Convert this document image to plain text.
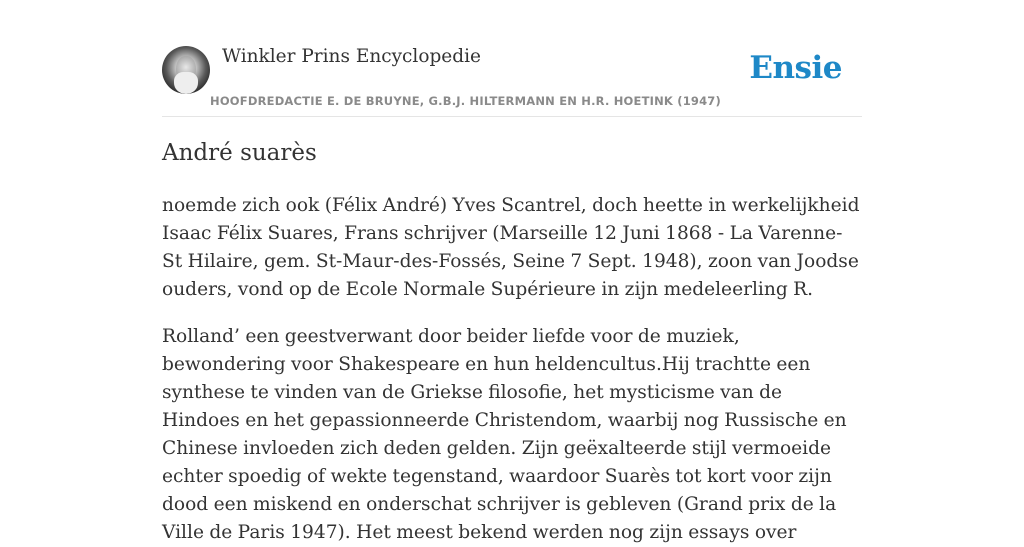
Winkler Prins Encyclopedie
HOOFDREDACTIE E. DE BRUYNE, G.B.J. HILTERMANN EN H.R. HOETINK (1947)
Ensie
André suarès

noemde zich ook (Félix André) Yves Scantrel, doch heette in werkelijkheid Isaac Félix Suares, Frans schrijver (Marseille 12 Juni 1868 - La Varenne-St Hilaire, gem. St-Maur-des-Fossés, Seine 7 Sept. 1948), zoon van Joodse ouders, vond op de Ecole Normale Supérieure in zijn medeleerling R.

Rolland’ een geestverwant door beider liefde voor de muziek, bewondering voor Shakespeare en hun heldencultus.Hij trachtte een synthese te vinden van de Griekse filosofie, het mysticisme van de Hindoes en het gepassionneerde Christendom, waarbij nog Russische en Chinese invloeden zich deden gelden. Zijn geëxalteerde stijl vermoeide echter spoedig of wekte tegenstand, waardoor Suarès tot kort voor zijn dood een miskend en onderschat schrijver is gebleven (Grand prix de la Ville de Paris 1947). Het meest bekend werden nog zijn essays over
